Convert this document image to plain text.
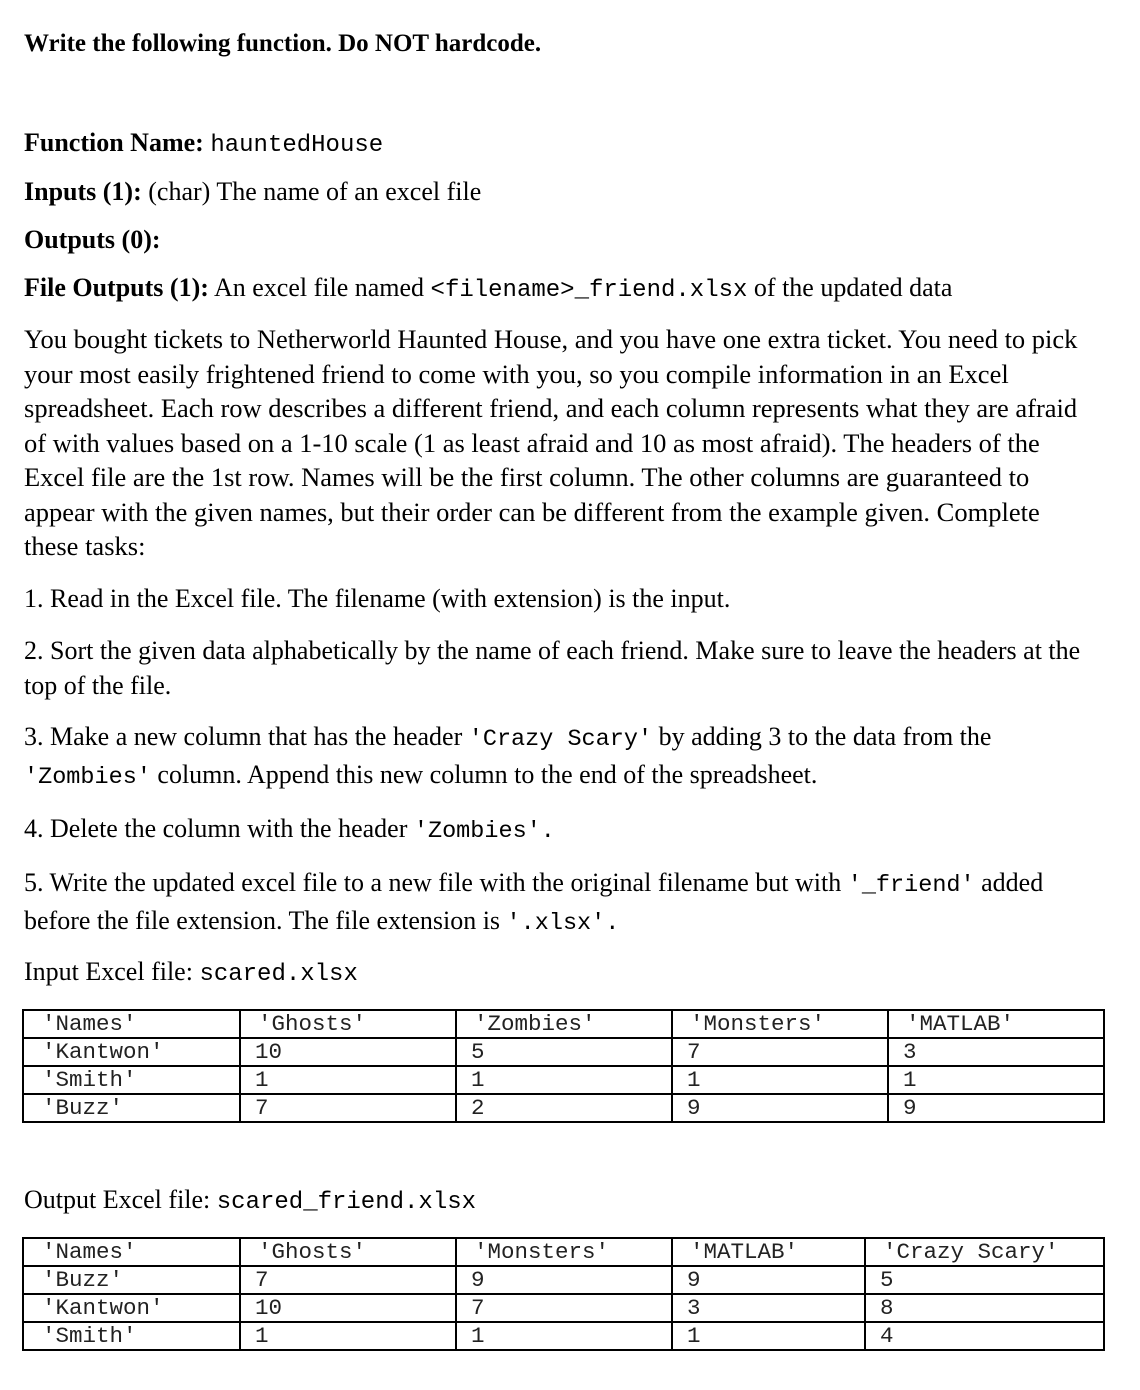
Write the following function. Do NOT hardcode.
Function Name: hauntedHouse
Inputs (1): (char) The name of an excel file
Outputs (0):
File Outputs (1): An excel file named <filename>_friend.xlsx of the updated data

You bought tickets to Netherworld Haunted House, and you have one extra ticket. You need to pick your most easily frightened friend to come with you, so you compile information in an Excel spreadsheet. Each row describes a different friend, and each column represents what they are afraid of with values based on a 1-10 scale (1 as least afraid and 10 as most afraid). The headers of the Excel file are the 1st row. Names will be the first column. The other columns are guaranteed to appear with the given names, but their order can be different from the example given. Complete these tasks:

1. Read in the Excel file. The filename (with extension) is the input.

2. Sort the given data alphabetically by the name of each friend. Make sure to leave the headers at the top of the file.

3. Make a new column that has the header 'Crazy Scary' by adding 3 to the data from the 'Zombies' column. Append this new column to the end of the spreadsheet.

4. Delete the column with the header 'Zombies'.

5. Write the updated excel file to a new file with the original filename but with '_friend' added before the file extension. The file extension is '.xlsx'.

Input Excel file: scared.xlsx
'Names'	'Ghosts'	'Zombies'	'Monsters'	'MATLAB'
'Kantwon'	10	5	7	3
'Smith'	1	1	1	1
'Buzz'	7	2	9	9
Output Excel file: scared_friend.xlsx
'Names'	'Ghosts'	'Monsters'	'MATLAB'	'Crazy Scary'
'Buzz'	7	9	9	5
'Kantwon'	10	7	3	8
'Smith'	1	1	1	4
